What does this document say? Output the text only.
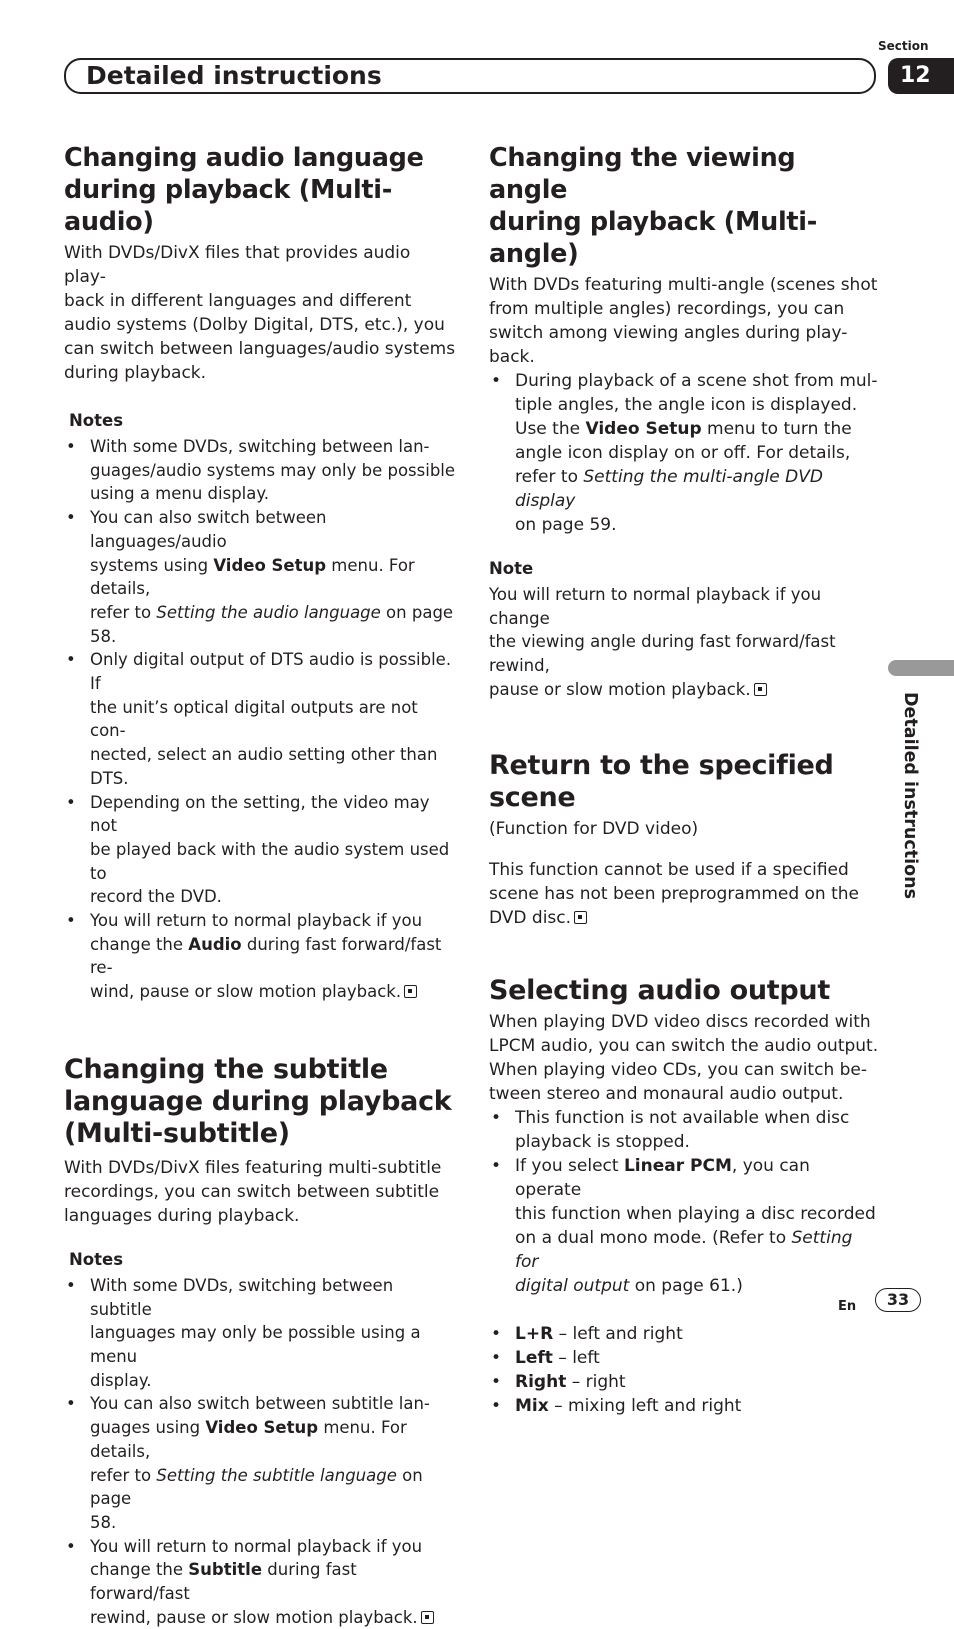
Section
Detailed instructions	12
Detailed instructions
Changing audio language
during playback (Multi-audio)

With DVDs/DivX files that provides audio play-
back in different languages and different
audio systems (Dolby Digital, DTS, etc.), you
can switch between languages/audio systems
during playback.

Notes
• With some DVDs, switching between lan-
guages/audio systems may only be possible
using a menu display.
• You can also switch between languages/audio
systems using Video Setup menu. For details,
refer to Setting the audio language on page 58.
• Only digital output of DTS audio is possible. If
the unit’s optical digital outputs are not con-
nected, select an audio setting other than
DTS.
• Depending on the setting, the video may not
be played back with the audio system used to
record the DVD.
• You will return to normal playback if you
change the Audio during fast forward/fast re-
wind, pause or slow motion playback.
Changing the subtitle
language during playback
(Multi-subtitle)

With DVDs/DivX files featuring multi-subtitle
recordings, you can switch between subtitle
languages during playback.

Notes
• With some DVDs, switching between subtitle
languages may only be possible using a menu
display.
• You can also switch between subtitle lan-
guages using Video Setup menu. For details,
refer to Setting the subtitle language on page
58.
• You will return to normal playback if you
change the Subtitle during fast forward/fast
rewind, pause or slow motion playback.
Changing the viewing angle
during playback (Multi-angle)

With DVDs featuring multi-angle (scenes shot
from multiple angles) recordings, you can
switch among viewing angles during play-
back.

• During playback of a scene shot from mul-
tiple angles, the angle icon is displayed.
Use the Video Setup menu to turn the
angle icon display on or off. For details,
refer to Setting the multi-angle DVD display
on page 59.
Note

You will return to normal playback if you change
the viewing angle during fast forward/fast rewind,
pause or slow motion playback.

Return to the specified scene

(Function for DVD video)

This function cannot be used if a specified
scene has not been preprogrammed on the
DVD disc.

Selecting audio output

When playing DVD video discs recorded with
LPCM audio, you can switch the audio output.
When playing video CDs, you can switch be-
tween stereo and monaural audio output.

• This function is not available when disc
playback is stopped.
• If you select Linear PCM, you can operate
this function when playing a disc recorded
on a dual mono mode. (Refer to Setting for
digital output on page 61.)
• L+R – left and right
• Left – left
• Right – right
• Mix – mixing left and right
En	33
